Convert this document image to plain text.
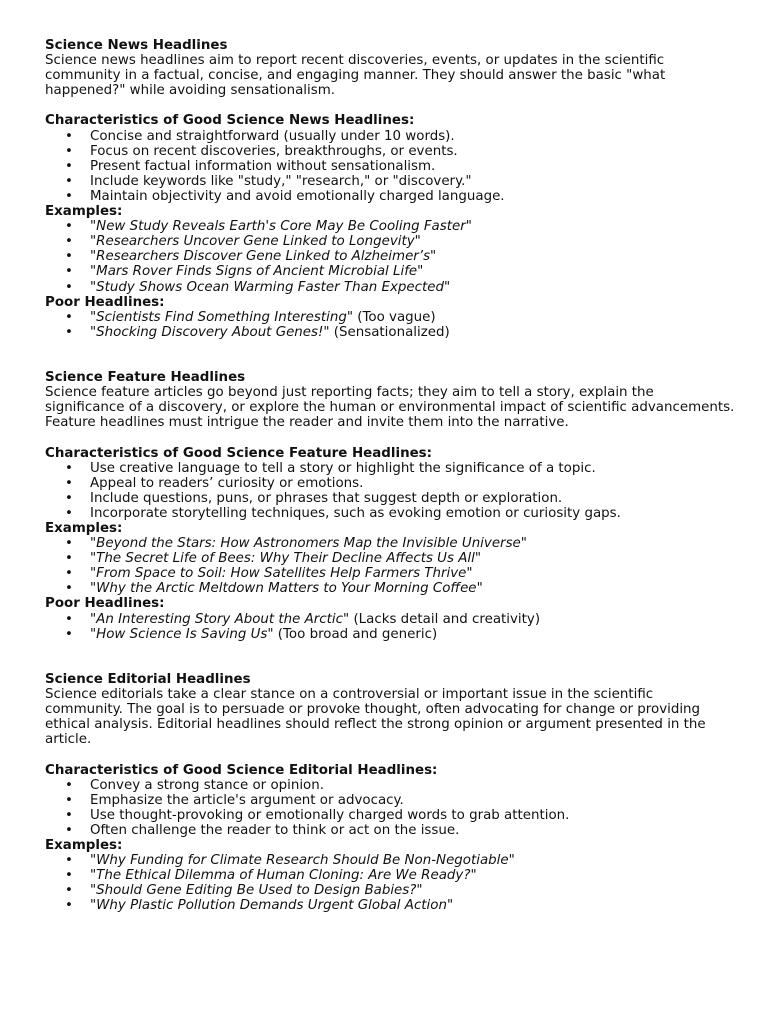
Science News Headlines

Science news headlines aim to report recent discoveries, events, or updates in the scientific community in a factual, concise, and engaging manner. They should answer the basic "what happened?" while avoiding sensationalism.

Characteristics of Good Science News Headlines:
• Concise and straightforward (usually under 10 words).
• Focus on recent discoveries, breakthroughs, or events.
• Present factual information without sensationalism.
• Include keywords like "study," "research," or "discovery."
• Maintain objectivity and avoid emotionally charged language.
Examples:
• "New Study Reveals Earth's Core May Be Cooling Faster"
• "Researchers Uncover Gene Linked to Longevity"
• "Researchers Discover Gene Linked to Alzheimer’s"
• "Mars Rover Finds Signs of Ancient Microbial Life"
• "Study Shows Ocean Warming Faster Than Expected"
Poor Headlines:
• "Scientists Find Something Interesting" (Too vague)
• "Shocking Discovery About Genes!" (Sensationalized)
Science Feature Headlines

Science feature articles go beyond just reporting facts; they aim to tell a story, explain the significance of a discovery, or explore the human or environmental impact of scientific advancements. Feature headlines must intrigue the reader and invite them into the narrative.

Characteristics of Good Science Feature Headlines:
• Use creative language to tell a story or highlight the significance of a topic.
• Appeal to readers’ curiosity or emotions.
• Include questions, puns, or phrases that suggest depth or exploration.
• Incorporate storytelling techniques, such as evoking emotion or curiosity gaps.
Examples:
• "Beyond the Stars: How Astronomers Map the Invisible Universe"
• "The Secret Life of Bees: Why Their Decline Affects Us All"
• "From Space to Soil: How Satellites Help Farmers Thrive"
• "Why the Arctic Meltdown Matters to Your Morning Coffee"
Poor Headlines:
• "An Interesting Story About the Arctic" (Lacks detail and creativity)
• "How Science Is Saving Us" (Too broad and generic)
Science Editorial Headlines

Science editorials take a clear stance on a controversial or important issue in the scientific community. The goal is to persuade or provoke thought, often advocating for change or providing ethical analysis. Editorial headlines should reflect the strong opinion or argument presented in the article.

Characteristics of Good Science Editorial Headlines:
• Convey a strong stance or opinion.
• Emphasize the article's argument or advocacy.
• Use thought-provoking or emotionally charged words to grab attention.
• Often challenge the reader to think or act on the issue.
Examples:
• "Why Funding for Climate Research Should Be Non-Negotiable"
• "The Ethical Dilemma of Human Cloning: Are We Ready?"
• "Should Gene Editing Be Used to Design Babies?"
• "Why Plastic Pollution Demands Urgent Global Action"
